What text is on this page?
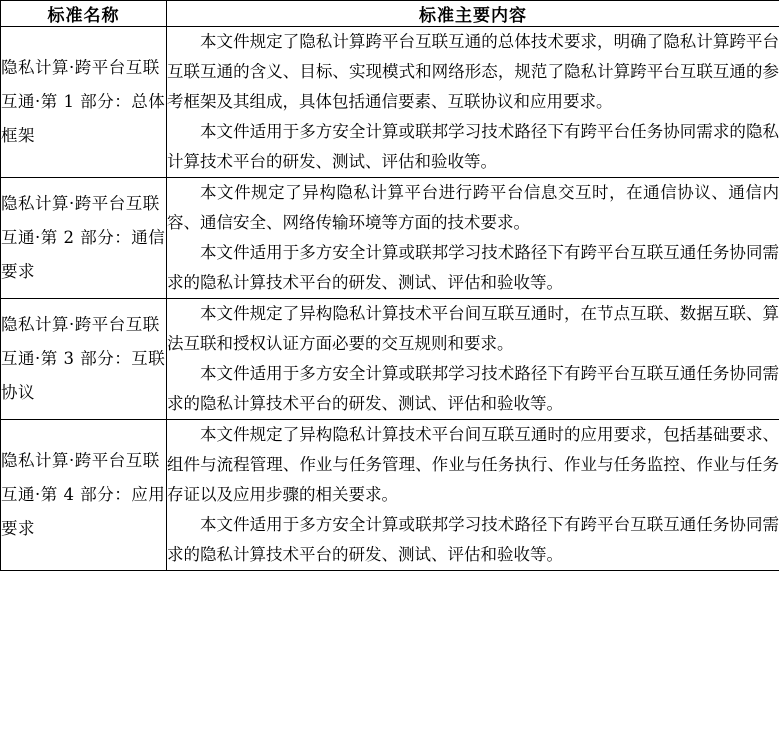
标准名称	标准主要内容
隐私计算·跨平台互联互通·第 1 部分：总体框架	本文件规定了隐私计算跨平台互联互通的总体技术要求，明确了隐私计算跨平台互联互通的含义、目标、实现模式和网络形态，规范了隐私计算跨平台互联互通的参考框架及其组成，具体包括通信要素、互联协议和应用要求。

本文件适用于多方安全计算或联邦学习技术路径下有跨平台任务协同需求的隐私计算技术平台的研发、测试、评估和验收等。

隐私计算·跨平台互联互通·第 2 部分：通信要求	本文件规定了异构隐私计算平台进行跨平台信息交互时，在通信协议、通信内容、通信安全、网络传输环境等方面的技术要求。

本文件适用于多方安全计算或联邦学习技术路径下有跨平台互联互通任务协同需求的隐私计算技术平台的研发、测试、评估和验收等。

隐私计算·跨平台互联互通·第 3 部分：互联协议	本文件规定了异构隐私计算技术平台间互联互通时，在节点互联、数据互联、算法互联和授权认证方面必要的交互规则和要求。

本文件适用于多方安全计算或联邦学习技术路径下有跨平台互联互通任务协同需求的隐私计算技术平台的研发、测试、评估和验收等。

隐私计算·跨平台互联互通·第 4 部分：应用要求	本文件规定了异构隐私计算技术平台间互联互通时的应用要求，包括基础要求、组件与流程管理、作业与任务管理、作业与任务执行、作业与任务监控、作业与任务存证以及应用步骤的相关要求。

本文件适用于多方安全计算或联邦学习技术路径下有跨平台互联互通任务协同需求的隐私计算技术平台的研发、测试、评估和验收等。
